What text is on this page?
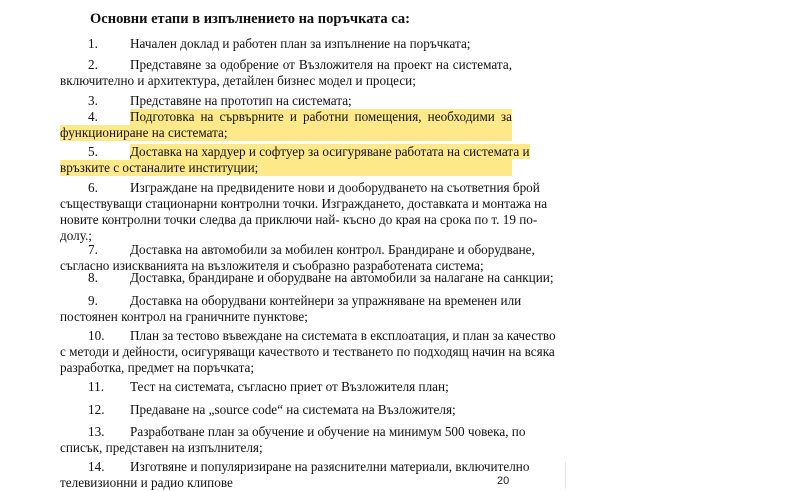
Основни етапи в изпълнението на поръчката са:
1. Начален доклад и работен план за изпълнение на поръчката;
2. Представяне за одобрение от Възложителя на проект на системата,
включително и архитектура, детайлен бизнес модел и процеси;
3. Представяне на прототип на системата;
4. Подготовка на сървърните и работни помещения, необходими за
функциониране на системата;
5. Доставка на хардуер и софтуер за осигуряване работата на системата и
връзките с останалите институции;
6. Изграждане на предвидените нови и дооборудването на съответния брой
съществуващи стационарни контролни точки. Изграждането, доставката и монтажа на
новите контролни точки следва да приключи най- късно до края на срока по т. 19 по-
долу.;
7. Доставка на автомобили за мобилен контрол. Брандиране и оборудване,
съгласно изискванията на възложителя и съобразно разработената система;
8. Доставка, брандиране и оборудване на автомобили за налагане на санкции;
9. Доставка на оборудвани контейнери за упражняване на временен или
постоянен контрол на граничните пунктове;
10. План за тестово въвеждане на системата в експлоатация, и план за качество
с методи и дейности, осигуряващи качеството и тестването по подходящ начин на всяка
разработка, предмет на поръчката;
11. Тест на системата, съгласно приет от Възложителя план;
12. Предаване на „source code“ на системата на Възложителя;
13. Разработване план за обучение и обучение на минимум 500 човека, по
списък, представен на изпълнителя;
14. Изготвяне и популяризиране на разяснителни материали, включително
телевизионни и радио клипове	20
